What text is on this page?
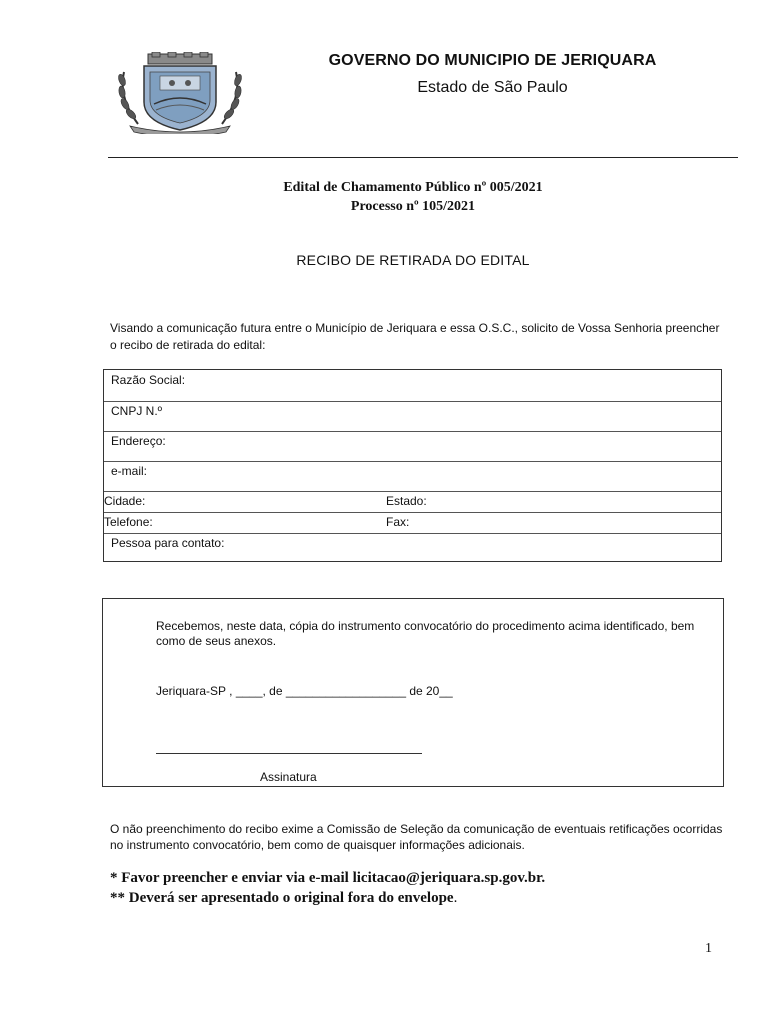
GOVERNO DO MUNICIPIO DE JERIQUARA
Estado de São Paulo
Edital de Chamamento Público nº 005/2021
Processo nº 105/2021
RECIBO DE RETIRADA DO EDITAL
Visando a comunicação futura entre o Município de Jeriquara e essa O.S.C., solicito de Vossa Senhoria preencher o recibo de retirada do edital:
Razão Social:
CNPJ N.º
Endereço:
e-mail:
Cidade:	Estado:
Telefone:	Fax:
Pessoa para contato:
Recebemos, neste data, cópia do instrumento convocatório do procedimento acima identificado, bem como de seus anexos.
Jeriquara-SP , ____, de __________________ de 20__
Assinatura
O não preenchimento do recibo exime a Comissão de Seleção da comunicação de eventuais retificações ocorridas no instrumento convocatório, bem como de quaisquer informações adicionais.
* Favor preencher e enviar via e-mail licitacao@jeriquara.sp.gov.br.
** Deverá ser apresentado o original fora do envelope.
1
